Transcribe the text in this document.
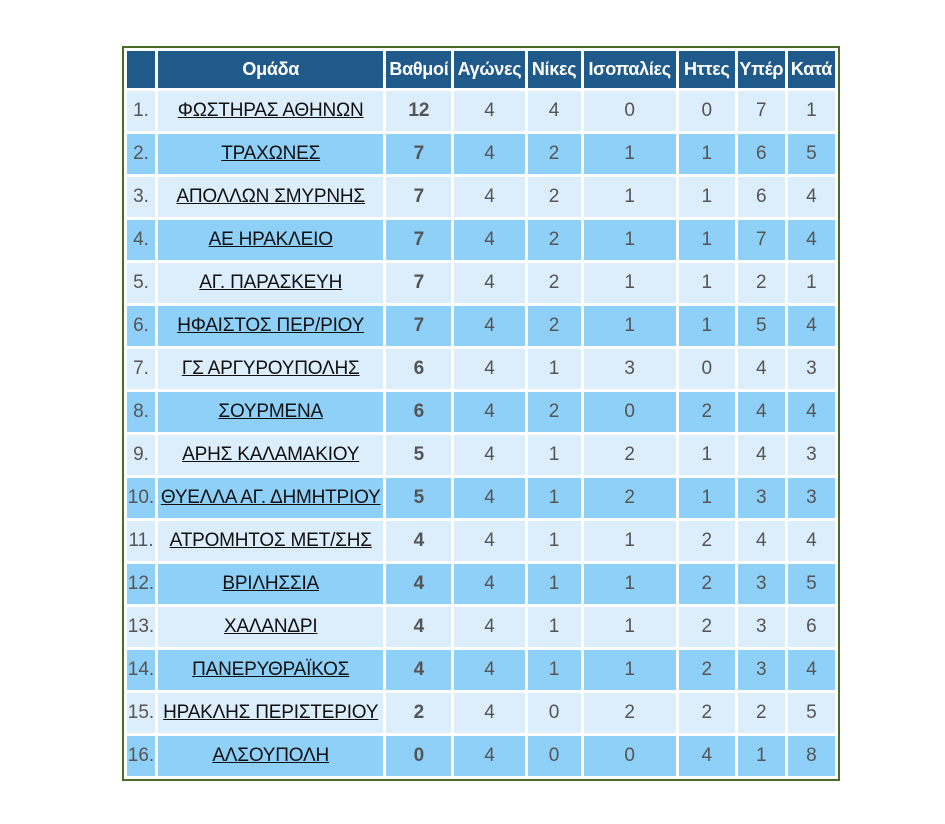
	Ομάδα	Βαθμοί	Αγώνες	Νίκες	Ισοπαλίες	Ηττες	Υπέρ	Κατά
1.	ΦΩΣΤΗΡΑΣ ΑΘΗΝΩΝ	12	4	4	0	0	7	1
2.	ΤΡΑΧΩΝΕΣ	7	4	2	1	1	6	5
3.	ΑΠΟΛΛΩΝ ΣΜΥΡΝΗΣ	7	4	2	1	1	6	4
4.	ΑΕ ΗΡΑΚΛΕΙΟ	7	4	2	1	1	7	4
5.	ΑΓ. ΠΑΡΑΣΚΕΥΗ	7	4	2	1	1	2	1
6.	ΗΦΑΙΣΤΟΣ ΠΕΡ/ΡΙΟΥ	7	4	2	1	1	5	4
7.	ΓΣ ΑΡΓΥΡΟΥΠΟΛΗΣ	6	4	1	3	0	4	3
8.	ΣΟΥΡΜΕΝΑ	6	4	2	0	2	4	4
9.	ΑΡΗΣ ΚΑΛΑΜΑΚΙΟΥ	5	4	1	2	1	4	3
10.	ΘΥΕΛΛΑ ΑΓ. ΔΗΜΗΤΡΙΟΥ	5	4	1	2	1	3	3
11.	ΑΤΡΟΜΗΤΟΣ ΜΕΤ/ΣΗΣ	4	4	1	1	2	4	4
12.	ΒΡΙΛΗΣΣΙΑ	4	4	1	1	2	3	5
13.	ΧΑΛΑΝΔΡΙ	4	4	1	1	2	3	6
14.	ΠΑΝΕΡΥΘΡΑΪΚΟΣ	4	4	1	1	2	3	4
15.	ΗΡΑΚΛΗΣ ΠΕΡΙΣΤΕΡΙΟΥ	2	4	0	2	2	2	5
16.	ΑΛΣΟΥΠΟΛΗ	0	4	0	0	4	1	8
